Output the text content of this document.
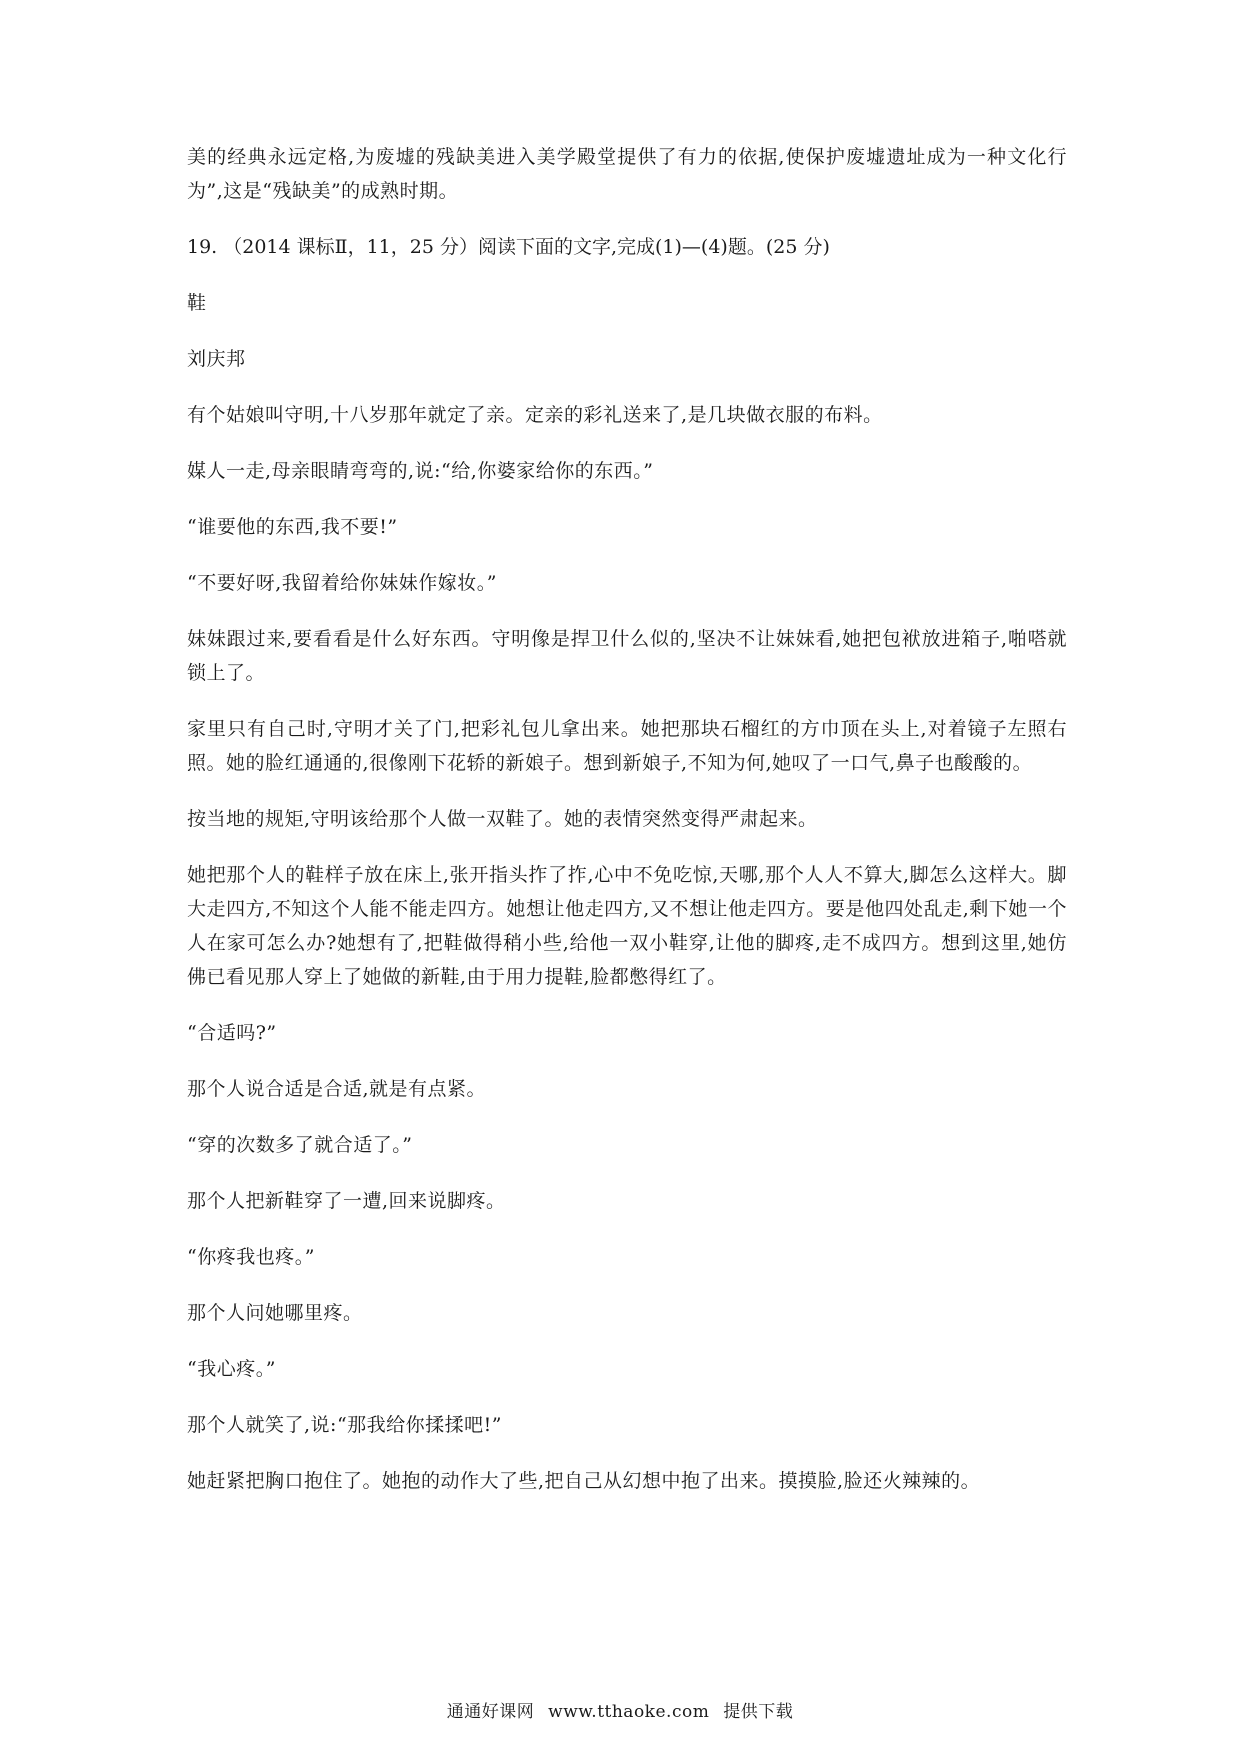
美的经典永远定格,为废墟的残缺美进入美学殿堂提供了有力的依据,使保护废墟遗址成为一种文化行为”,这是“残缺美”的成熟时期。

19. （2014 课标Ⅱ，11，25 分）阅读下面的文字,完成(1)—(4)题。(25 分)

鞋

刘庆邦

有个姑娘叫守明,十八岁那年就定了亲。定亲的彩礼送来了,是几块做衣服的布料。

媒人一走,母亲眼睛弯弯的,说:“给,你婆家给你的东西。”

“谁要他的东西,我不要!”

“不要好呀,我留着给你妹妹作嫁妆。”

妹妹跟过来,要看看是什么好东西。守明像是捍卫什么似的,坚决不让妹妹看,她把包袱放进箱子,啪嗒就锁上了。

家里只有自己时,守明才关了门,把彩礼包儿拿出来。她把那块石榴红的方巾顶在头上,对着镜子左照右照。她的脸红通通的,很像刚下花轿的新娘子。想到新娘子,不知为何,她叹了一口气,鼻子也酸酸的。

按当地的规矩,守明该给那个人做一双鞋了。她的表情突然变得严肃起来。

她把那个人的鞋样子放在床上,张开指头拃了拃,心中不免吃惊,天哪,那个人人不算大,脚怎么这样大。脚大走四方,不知这个人能不能走四方。她想让他走四方,又不想让他走四方。要是他四处乱走,剩下她一个人在家可怎么办?她想有了,把鞋做得稍小些,给他一双小鞋穿,让他的脚疼,走不成四方。想到这里,她仿佛已看见那人穿上了她做的新鞋,由于用力提鞋,脸都憋得红了。

“合适吗?”

那个人说合适是合适,就是有点紧。

“穿的次数多了就合适了。”

那个人把新鞋穿了一遭,回来说脚疼。

“你疼我也疼。”

那个人问她哪里疼。

“我心疼。”

那个人就笑了,说:“那我给你揉揉吧!”

她赶紧把胸口抱住了。她抱的动作大了些,把自己从幻想中抱了出来。摸摸脸,脸还火辣辣的。

通通好课网 www.tthaoke.com 提供下载
